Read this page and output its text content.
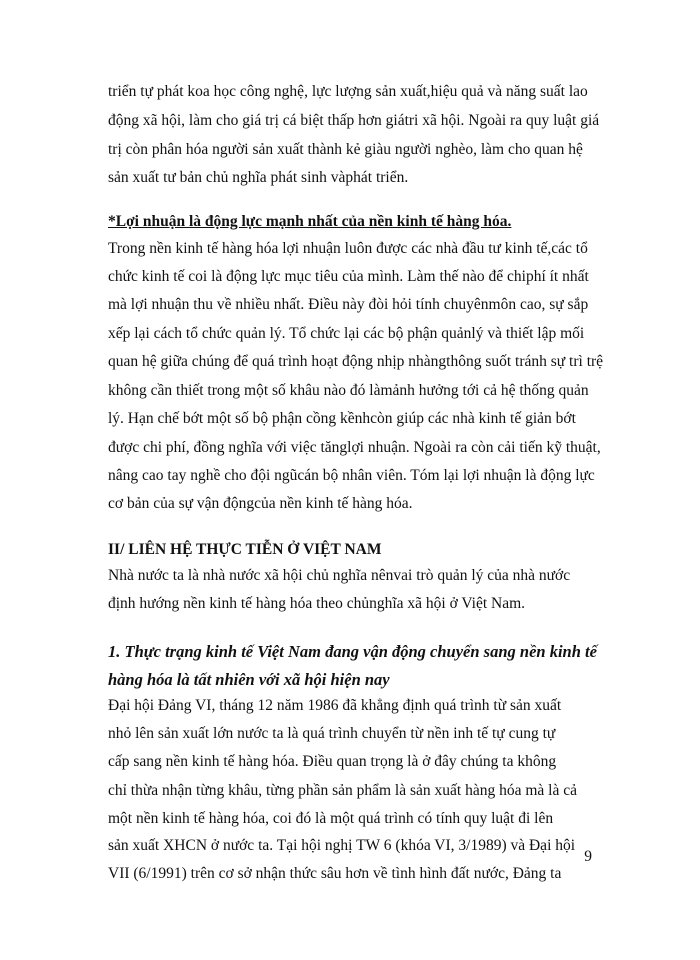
triển tự phát koa học công nghệ, lực lượng sản xuất,hiệu quả và năng suất lao
động xã hội, làm cho giá trị cá biệt thấp hơn giátri xã hội. Ngoài ra quy luật giá
trị còn phân hóa người sản xuất thành kẻ giàu người nghèo, làm cho quan hệ
sản xuất tư bản chủ nghĩa phát sinh vàphát triển.
*Lợi nhuận là động lực mạnh nhất của nền kinh tế hàng hóa.
Trong nền kinh tế hàng hóa lợi nhuận luôn được các nhà đầu tư kinh tế,các tổ
chức kinh tế coi là động lực mục tiêu của mình. Làm thế nào để chiphí ít nhất
mà lợi nhuận thu về nhiều nhất. Điều này đòi hỏi tính chuyênmôn cao, sự sắp
xếp lại cách tổ chức quản lý. Tổ chức lại các bộ phận quảnlý và thiết lập mối
quan hệ giữa chúng để quá trình hoạt động nhịp nhàngthông suốt tránh sự trì trệ
không cần thiết trong một số khâu nào đó làmảnh hưởng tới cả hệ thống quản
lý. Hạn chế bớt một số bộ phận cồng kềnhcòn giúp các nhà kinh tế giản bớt
được chi phí, đồng nghĩa với việc tănglợi nhuận. Ngoài ra còn cải tiến kỹ thuật,
nâng cao tay nghề cho đội ngũcán bộ nhân viên. Tóm lại lợi nhuận là động lực
cơ bản của sự vận độngcủa nền kinh tế hàng hóa.
II/ LIÊN HỆ THỰC TIỄN Ở VIỆT NAM
Nhà nước ta là nhà nước xã hội chủ nghĩa nênvai trò quản lý của nhà nước
định hướng nền kinh tế hàng hóa theo chủnghĩa xã hội ở Việt Nam.
1. Thực trạng kinh tế Việt Nam đang vận động chuyển sang nền kinh tế
hàng hóa là tất nhiên với xã hội hiện nay
Đại hội Đảng VI, tháng 12 năm 1986 đã khẳng định quá trình từ sản xuất
nhỏ lên sản xuất lớn nước ta là quá trình chuyển từ nền inh tế tự cung tự
cấp sang nền kinh tế hàng hóa. Điều quan trọng là ở đây chúng ta không
chỉ thừa nhận từng khâu, từng phần sản phẩm là sản xuất hàng hóa mà là cả
một nền kinh tế hàng hóa, coi đó là một quá trình có tính quy luật đi lên
sản xuất XHCN ở nước ta. Tại hội nghị TW 6 (khóa VI, 3/1989) và Đại hội
VII (6/1991) trên cơ sở nhận thức sâu hơn về tình hình đất nước, Đảng ta
9
